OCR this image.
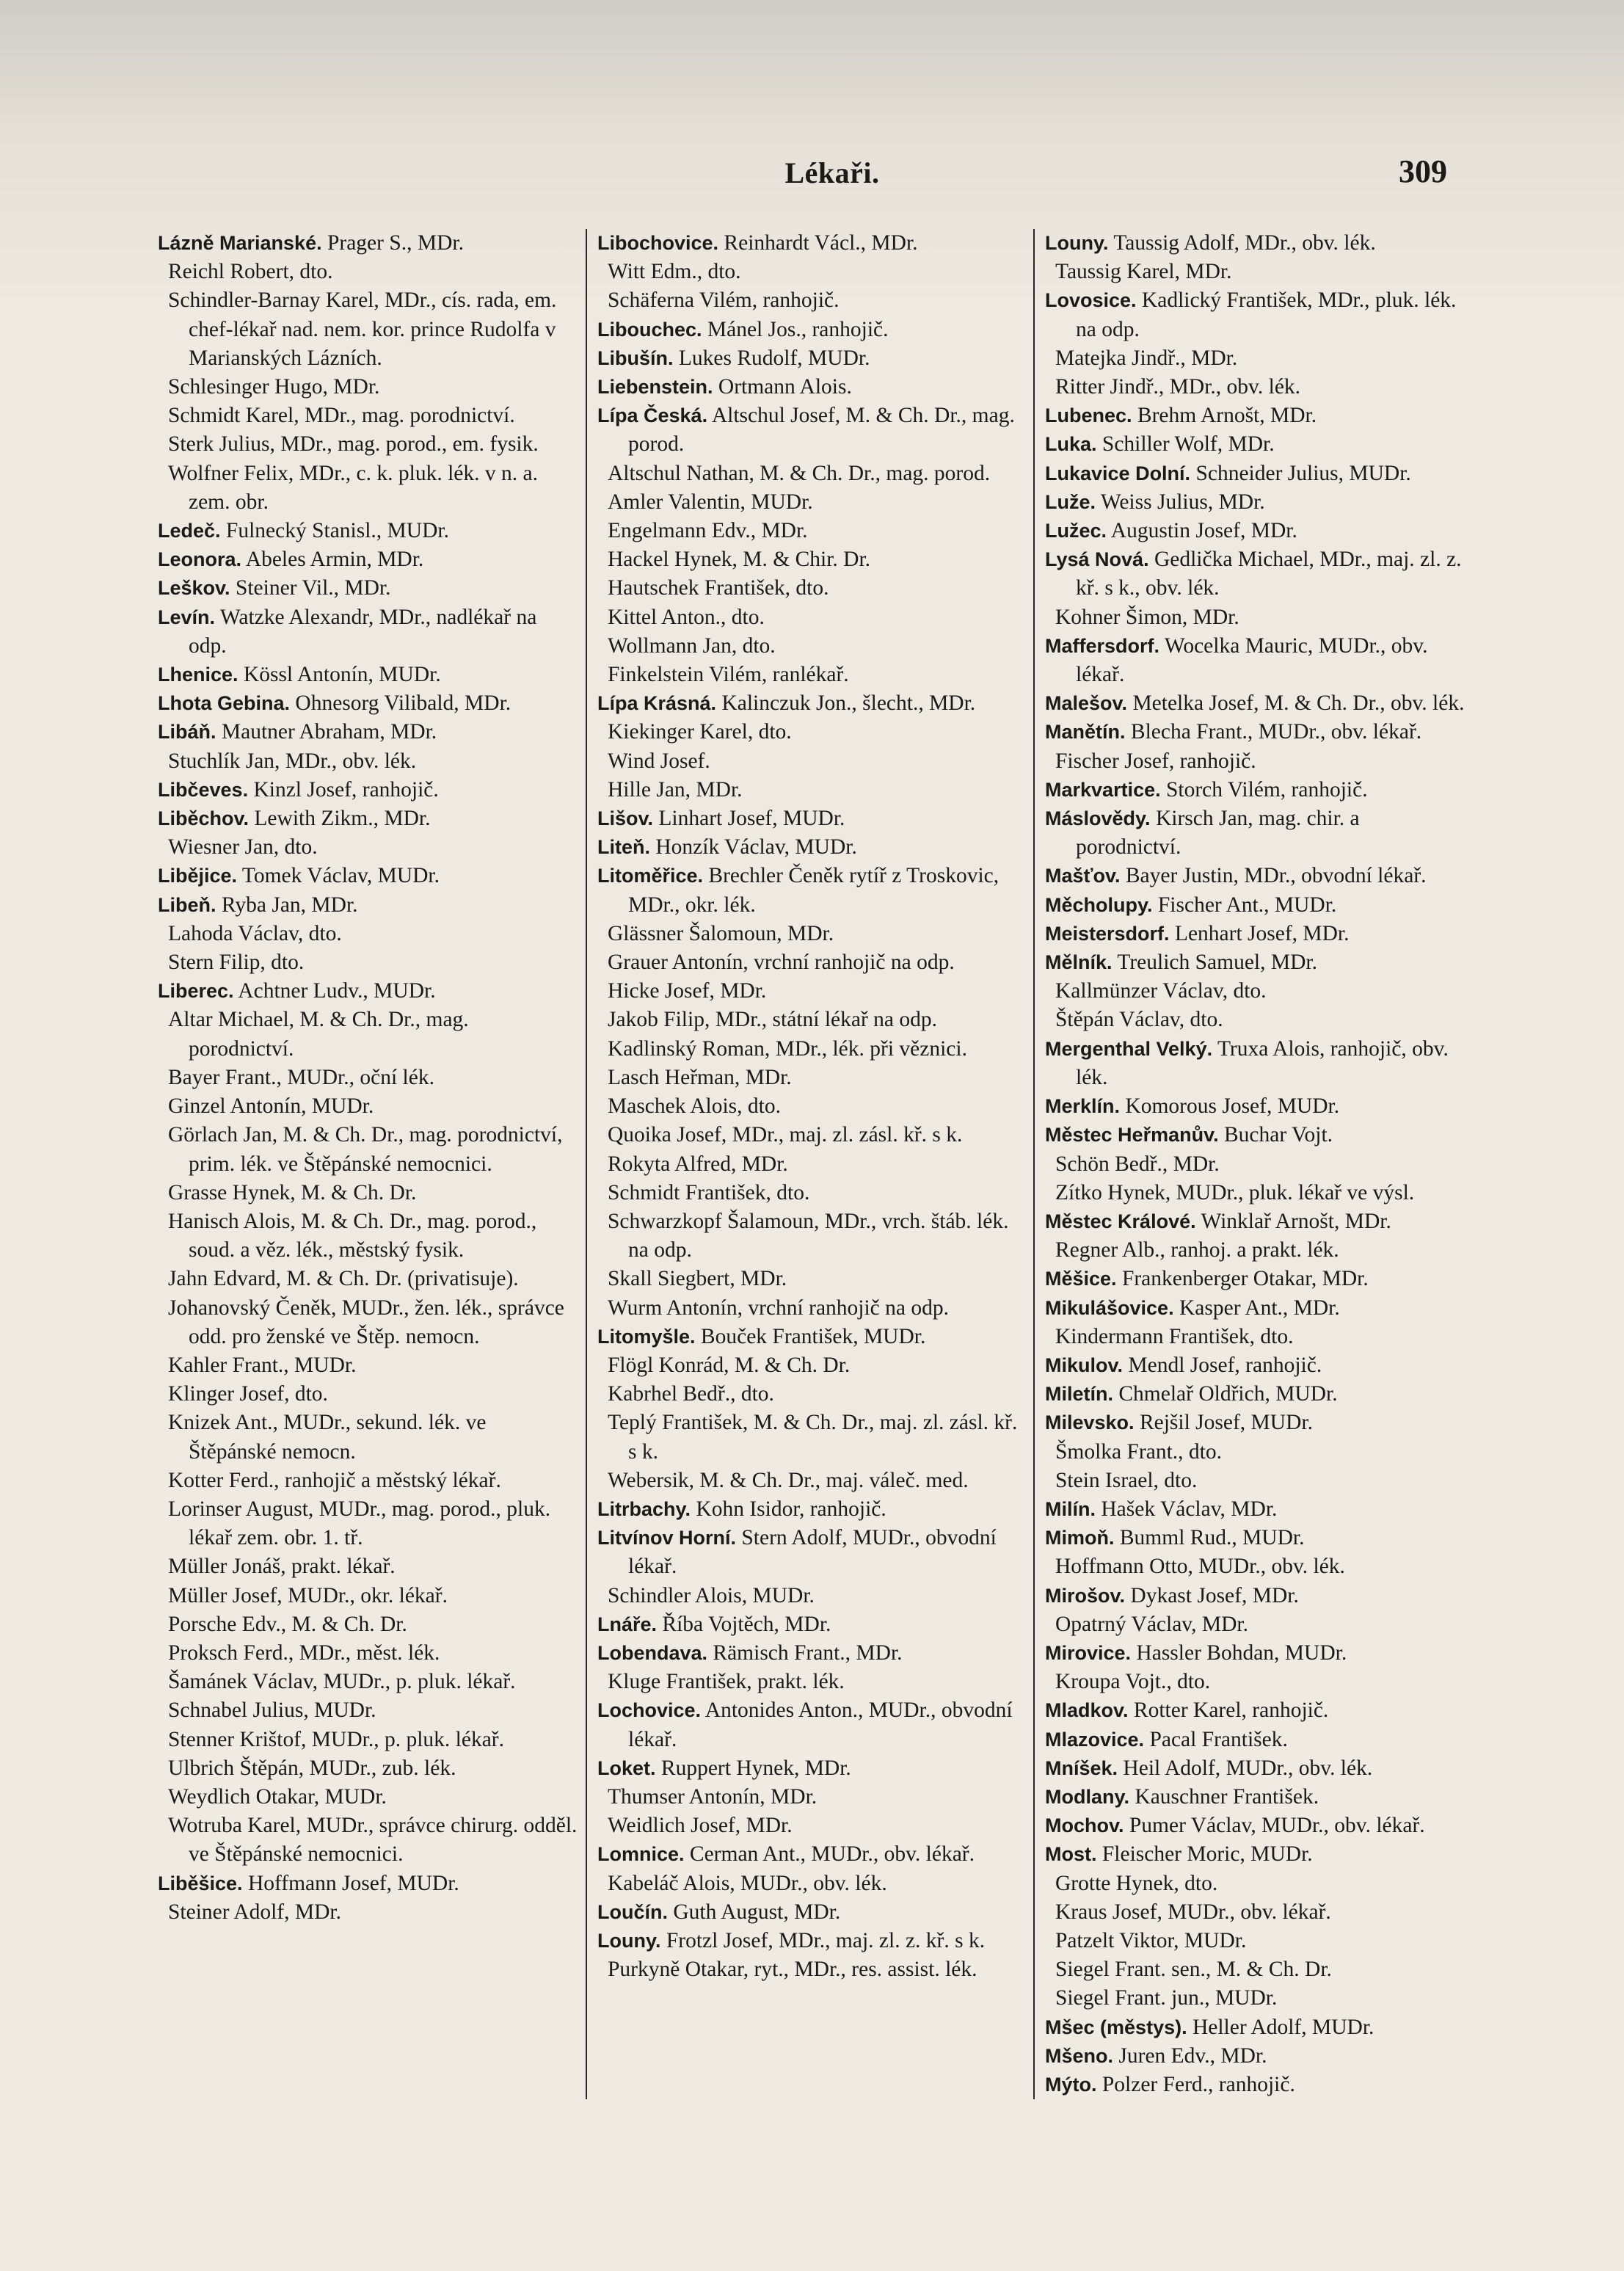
Lékaři.	309

Lázně Marianské. Prager S., MDr.

Reichl Robert, dto.

Schindler-Barnay Karel, MDr., cís. rada, em. chef-lékař nad. nem. kor. prince Rudolfa v Marianských Lázních.

Schlesinger Hugo, MDr.

Schmidt Karel, MDr., mag. porodnictví.

Sterk Julius, MDr., mag. porod., em. fysik.

Wolfner Felix, MDr., c. k. pluk. lék. v n. a. zem. obr.

Ledeč. Fulnecký Stanisl., MUDr.

Leonora. Abeles Armin, MDr.

Leškov. Steiner Vil., MDr.

Levín. Watzke Alexandr, MDr., nadlékař na odp.

Lhenice. Kössl Antonín, MUDr.

Lhota Gebina. Ohnesorg Vilibald, MDr.

Libáň. Mautner Abraham, MDr.

Stuchlík Jan, MDr., obv. lék.

Libčeves. Kinzl Josef, ranhojič.

Liběchov. Lewith Zikm., MDr.

Wiesner Jan, dto.

Libějice. Tomek Václav, MUDr.

Libeň. Ryba Jan, MDr.

Lahoda Václav, dto.

Stern Filip, dto.

Liberec. Achtner Ludv., MUDr.

Altar Michael, M. & Ch. Dr., mag. porodnictví.

Bayer Frant., MUDr., oční lék.

Ginzel Antonín, MUDr.

Görlach Jan, M. & Ch. Dr., mag. porodnictví, prim. lék. ve Štěpánské nemocnici.

Grasse Hynek, M. & Ch. Dr.

Hanisch Alois, M. & Ch. Dr., mag. porod., soud. a věz. lék., městský fysik.

Jahn Edvard, M. & Ch. Dr. (privatisuje).

Johanovský Čeněk, MUDr., žen. lék., správce odd. pro ženské ve Štěp. nemocn.

Kahler Frant., MUDr.

Klinger Josef, dto.

Knizek Ant., MUDr., sekund. lék. ve Štěpánské nemocn.

Kotter Ferd., ranhojič a městský lékař.

Lorinser August, MUDr., mag. porod., pluk. lékař zem. obr. 1. tř.

Müller Jonáš, prakt. lékař.

Müller Josef, MUDr., okr. lékař.

Porsche Edv., M. & Ch. Dr.

Proksch Ferd., MDr., měst. lék.

Šamánek Václav, MUDr., p. pluk. lékař.

Schnabel Julius, MUDr.

Stenner Krištof, MUDr., p. pluk. lékař.

Ulbrich Štěpán, MUDr., zub. lék.

Weydlich Otakar, MUDr.

Wotruba Karel, MUDr., správce chirurg. odděl. ve Štěpánské nemocnici.

Liběšice. Hoffmann Josef, MUDr.

Steiner Adolf, MDr.

Libochovice. Reinhardt Václ., MDr.

Witt Edm., dto.

Schäferna Vilém, ranhojič.

Libouchec. Mánel Jos., ranhojič.

Libušín. Lukes Rudolf, MUDr.

Liebenstein. Ortmann Alois.

Lípa Česká. Altschul Josef, M. & Ch. Dr., mag. porod.

Altschul Nathan, M. & Ch. Dr., mag. porod.

Amler Valentin, MUDr.

Engelmann Edv., MDr.

Hackel Hynek, M. & Chir. Dr.

Hautschek František, dto.

Kittel Anton., dto.

Wollmann Jan, dto.

Finkelstein Vilém, ranlékař.

Lípa Krásná. Kalinczuk Jon., šlecht., MDr.

Kiekinger Karel, dto.

Wind Josef.

Hille Jan, MDr.

Lišov. Linhart Josef, MUDr.

Liteň. Honzík Václav, MUDr.

Litoměřice. Brechler Čeněk rytíř z Troskovic, MDr., okr. lék.

Glässner Šalomoun, MDr.

Grauer Antonín, vrchní ranhojič na odp.

Hicke Josef, MDr.

Jakob Filip, MDr., státní lékař na odp.

Kadlinský Roman, MDr., lék. při věznici.

Lasch Heřman, MDr.

Maschek Alois, dto.

Quoika Josef, MDr., maj. zl. zásl. kř. s k.

Rokyta Alfred, MDr.

Schmidt František, dto.

Schwarzkopf Šalamoun, MDr., vrch. štáb. lék. na odp.

Skall Siegbert, MDr.

Wurm Antonín, vrchní ranhojič na odp.

Litomyšle. Bouček František, MUDr.

Flögl Konrád, M. & Ch. Dr.

Kabrhel Bedř., dto.

Teplý František, M. & Ch. Dr., maj. zl. zásl. kř. s k.

Webersik, M. & Ch. Dr., maj. váleč. med.

Litrbachy. Kohn Isidor, ranhojič.

Litvínov Horní. Stern Adolf, MUDr., obvodní lékař.

Schindler Alois, MUDr.

Lnáře. Říba Vojtěch, MDr.

Lobendava. Rämisch Frant., MDr.

Kluge František, prakt. lék.

Lochovice. Antonides Anton., MUDr., obvodní lékař.

Loket. Ruppert Hynek, MDr.

Thumser Antonín, MDr.

Weidlich Josef, MDr.

Lomnice. Cerman Ant., MUDr., obv. lékař.

Kabeláč Alois, MUDr., obv. lék.

Loučín. Guth August, MDr.

Louny. Frotzl Josef, MDr., maj. zl. z. kř. s k.

Purkyně Otakar, ryt., MDr., res. assist. lék.

Louny. Taussig Adolf, MDr., obv. lék.

Taussig Karel, MDr.

Lovosice. Kadlický František, MDr., pluk. lék. na odp.

Matejka Jindř., MDr.

Ritter Jindř., MDr., obv. lék.

Lubenec. Brehm Arnošt, MDr.

Luka. Schiller Wolf, MDr.

Lukavice Dolní. Schneider Julius, MUDr.

Luže. Weiss Julius, MDr.

Lužec. Augustin Josef, MDr.

Lysá Nová. Gedlička Michael, MDr., maj. zl. z. kř. s k., obv. lék.

Kohner Šimon, MDr.

Maffersdorf. Wocelka Mauric, MUDr., obv. lékař.

Malešov. Metelka Josef, M. & Ch. Dr., obv. lék.

Manětín. Blecha Frant., MUDr., obv. lékař.

Fischer Josef, ranhojič.

Markvartice. Storch Vilém, ranhojič.

Máslovědy. Kirsch Jan, mag. chir. a porodnictví.

Mašťov. Bayer Justin, MDr., obvodní lékař.

Měcholupy. Fischer Ant., MUDr.

Meistersdorf. Lenhart Josef, MDr.

Mělník. Treulich Samuel, MDr.

Kallmünzer Václav, dto.

Štěpán Václav, dto.

Mergenthal Velký. Truxa Alois, ranhojič, obv. lék.

Merklín. Komorous Josef, MUDr.

Městec Heřmanův. Buchar Vojt.

Schön Bedř., MDr.

Zítko Hynek, MUDr., pluk. lékař ve výsl.

Městec Králové. Winklař Arnošt, MDr.

Regner Alb., ranhoj. a prakt. lék.

Měšice. Frankenberger Otakar, MDr.

Mikulášovice. Kasper Ant., MDr.

Kindermann František, dto.

Mikulov. Mendl Josef, ranhojič.

Miletín. Chmelař Oldřich, MUDr.

Milevsko. Rejšil Josef, MUDr.

Šmolka Frant., dto.

Stein Israel, dto.

Milín. Hašek Václav, MDr.

Mimoň. Bumml Rud., MUDr.

Hoffmann Otto, MUDr., obv. lék.

Mirošov. Dykast Josef, MDr.

Opatrný Václav, MDr.

Mirovice. Hassler Bohdan, MUDr.

Kroupa Vojt., dto.

Mladkov. Rotter Karel, ranhojič.

Mlazovice. Pacal František.

Mníšek. Heil Adolf, MUDr., obv. lék.

Modlany. Kauschner František.

Mochov. Pumer Václav, MUDr., obv. lékař.

Most. Fleischer Moric, MUDr.

Grotte Hynek, dto.

Kraus Josef, MUDr., obv. lékař.

Patzelt Viktor, MUDr.

Siegel Frant. sen., M. & Ch. Dr.

Siegel Frant. jun., MUDr.

Mšec (městys). Heller Adolf, MUDr.

Mšeno. Juren Edv., MDr.

Mýto. Polzer Ferd., ranhojič.
